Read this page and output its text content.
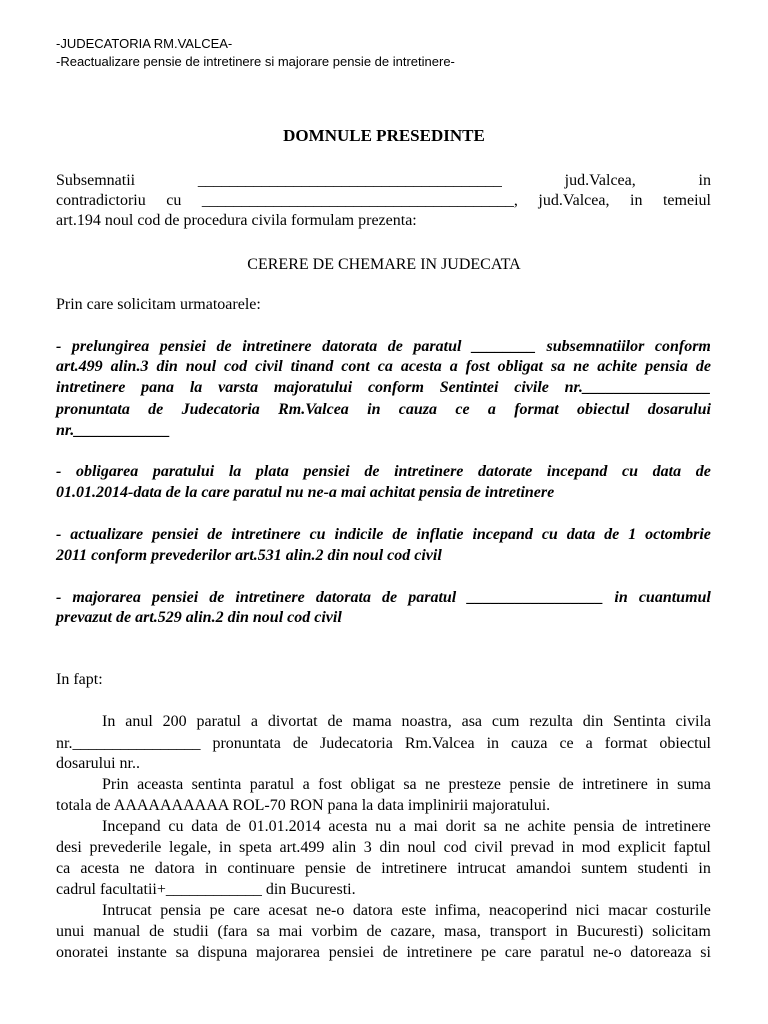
-JUDECATORIA RM.VALCEA-
-Reactualizare pensie de intretinere si majorare pensie de intretinere-
DOMNULE PRESEDINTE
Subsemnatii	______________________________________	jud.Valcea,	in
contradictoriu cu _______________________________________, jud.Valcea, in temeiul
art.194 noul cod de procedura civila formulam prezenta:
CERERE DE CHEMARE IN JUDECATA
Prin care solicitam urmatoarele:
- prelungirea pensiei de intretinere datorata de paratul ________ subsemnatiilor conform
art.499 alin.3 din noul cod civil tinand cont ca acesta a fost obligat sa ne achite pensia de
intretinere pana la varsta majoratului conform Sentintei civile nr.________________
pronuntata de Judecatoria Rm.Valcea in cauza ce a format obiectul dosarului
nr.____________
- obligarea paratului la plata pensiei de intretinere datorate incepand cu data de
01.01.2014-data de la care paratul nu ne-a mai achitat pensia de intretinere
- actualizare pensiei de intretinere cu indicile de inflatie incepand cu data de 1 octombrie
2011 conform prevederilor art.531 alin.2 din noul cod civil
- majorarea pensiei de intretinere datorata de paratul _________________ in cuantumul
prevazut de art.529 alin.2 din noul cod civil
In fapt:
In anul 200 paratul a divortat de mama noastra, asa cum rezulta din Sentinta civila
nr.________________ pronuntata de Judecatoria Rm.Valcea in cauza ce a format obiectul
dosarului nr..
Prin aceasta sentinta paratul a fost obligat sa ne presteze pensie de intretinere in suma
totala de AAAAAAAAAA ROL-70 RON pana la data implinirii majoratului.
Incepand cu data de 01.01.2014 acesta nu a mai dorit sa ne achite pensia de intretinere
desi prevederile legale, in speta art.499 alin 3 din noul cod civil prevad in mod explicit faptul
ca acesta ne datora in continuare pensie de intretinere intrucat amandoi suntem studenti in
cadrul facultatii+____________ din Bucuresti.
Intrucat pensia pe care acesat ne-o datora este infima, neacoperind nici macar costurile
unui manual de studii (fara sa mai vorbim de cazare, masa, transport in Bucuresti) solicitam
onoratei instante sa dispuna majorarea pensiei de intretinere pe care paratul ne-o datoreaza si
